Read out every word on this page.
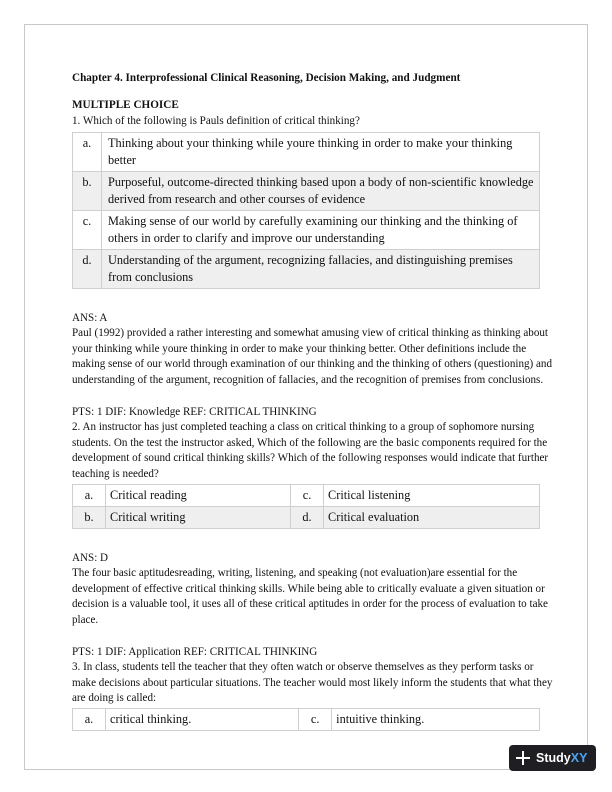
Chapter 4. Interprofessional Clinical Reasoning, Decision Making, and Judgment
MULTIPLE CHOICE

1. Which of the following is Pauls definition of critical thinking?

a.	Thinking about your thinking while youre thinking in order to make your thinking better
b.	Purposeful, outcome-directed thinking based upon a body of non-scientific knowledge derived from research and other courses of evidence
c.	Making sense of our world by carefully examining our thinking and the thinking of others in order to clarify and improve our understanding
d.	Understanding of the argument, recognizing fallacies, and distinguishing premises from conclusions

ANS: A

Paul (1992) provided a rather interesting and somewhat amusing view of critical thinking as thinking about your thinking while youre thinking in order to make your thinking better. Other definitions include the making sense of our world through examination of our thinking and the thinking of others (questioning) and understanding of the argument, recognition of fallacies, and the recognition of premises from conclusions.

PTS: 1 DIF: Knowledge REF: CRITICAL THINKING

2. An instructor has just completed teaching a class on critical thinking to a group of sophomore nursing students. On the test the instructor asked, Which of the following are the basic components required for the development of sound critical thinking skills? Which of the following responses would indicate that further teaching is needed?

a.	Critical reading	c.	Critical listening
b.	Critical writing	d.	Critical evaluation

ANS: D

The four basic aptitudesreading, writing, listening, and speaking (not evaluation)are essential for the development of effective critical thinking skills. While being able to critically evaluate a given situation or decision is a valuable tool, it uses all of these critical aptitudes in order for the process of evaluation to take place.

PTS: 1 DIF: Application REF: CRITICAL THINKING

3. In class, students tell the teacher that they often watch or observe themselves as they perform tasks or make decisions about particular situations. The teacher would most likely inform the students that what they are doing is called:

a.	critical thinking.	c.	intuitive thinking.
Study XY
